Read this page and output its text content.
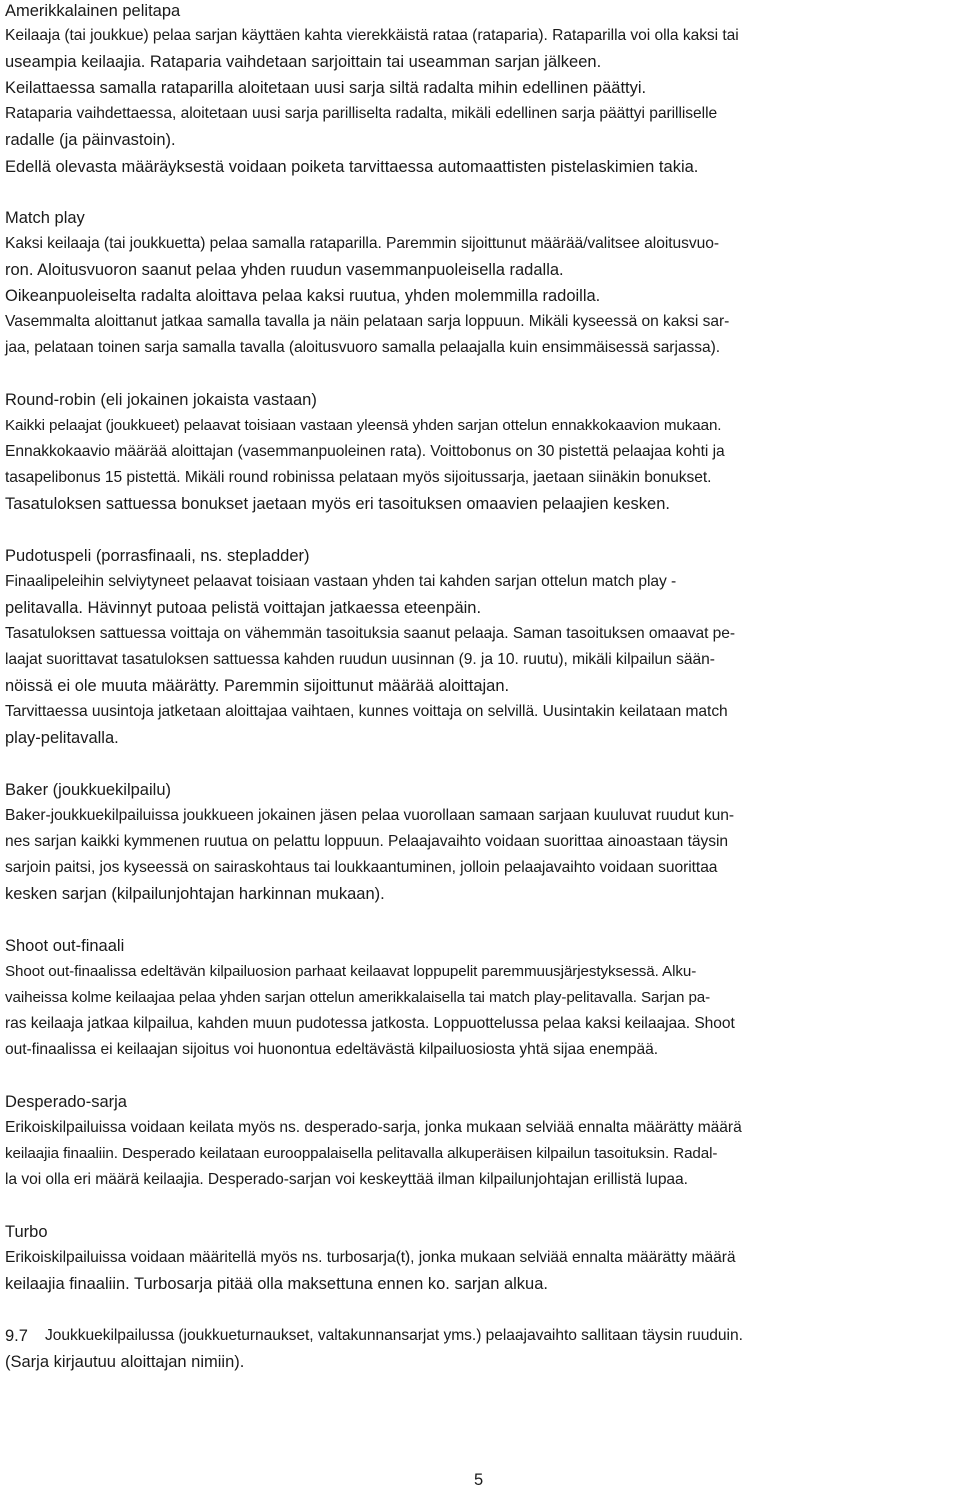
Amerikkalainen pelitapa

Keilaaja (tai joukkue) pelaa sarjan käyttäen kahta vierekkäistä rataa (rataparia). Rataparilla voi olla kaksi tai

useampia keilaajia. Rataparia vaihdetaan sarjoittain tai useamman sarjan jälkeen.

Keilattaessa samalla rataparilla aloitetaan uusi sarja siltä radalta mihin edellinen päättyi.

Rataparia vaihdettaessa, aloitetaan uusi sarja parilliselta radalta, mikäli edellinen sarja päättyi parilliselle

radalle (ja päinvastoin).

Edellä olevasta määräyksestä voidaan poiketa tarvittaessa automaattisten pistelaskimien takia.

Match play

Kaksi keilaaja (tai joukkuetta) pelaa samalla rataparilla. Paremmin sijoittunut määrää/valitsee aloitusvuo-

ron. Aloitusvuoron saanut pelaa yhden ruudun vasemmanpuoleisella radalla.

Oikeanpuoleiselta radalta aloittava pelaa kaksi ruutua, yhden molemmilla radoilla.

Vasemmalta aloittanut jatkaa samalla tavalla ja näin pelataan sarja loppuun. Mikäli kyseessä on kaksi sar-

jaa, pelataan toinen sarja samalla tavalla (aloitusvuoro samalla pelaajalla kuin ensimmäisessä sarjassa).

Round-robin (eli jokainen jokaista vastaan)

Kaikki pelaajat (joukkueet) pelaavat toisiaan vastaan yleensä yhden sarjan ottelun ennakkokaavion mukaan.

Ennakkokaavio määrää aloittajan (vasemmanpuoleinen rata). Voittobonus on 30 pistettä pelaajaa kohti ja

tasapelibonus 15 pistettä. Mikäli round robinissa pelataan myös sijoitussarja, jaetaan siinäkin bonukset.

Tasatuloksen sattuessa bonukset jaetaan myös eri tasoituksen omaavien pelaajien kesken.

Pudotuspeli (porrasfinaali, ns. stepladder)

Finaalipeleihin selviytyneet pelaavat toisiaan vastaan yhden tai kahden sarjan ottelun match play -

pelitavalla. Hävinnyt putoaa pelistä voittajan jatkaessa eteenpäin.

Tasatuloksen sattuessa voittaja on vähemmän tasoituksia saanut pelaaja. Saman tasoituksen omaavat pe-

laajat suorittavat tasatuloksen sattuessa kahden ruudun uusinnan (9. ja 10. ruutu), mikäli kilpailun sään-

nöissä ei ole muuta määrätty. Paremmin sijoittunut määrää aloittajan.

Tarvittaessa uusintoja jatketaan aloittajaa vaihtaen, kunnes voittaja on selvillä. Uusintakin keilataan match

play-pelitavalla.

Baker (joukkuekilpailu)

Baker-joukkuekilpailuissa joukkueen jokainen jäsen pelaa vuorollaan samaan sarjaan kuuluvat ruudut kun-

nes sarjan kaikki kymmenen ruutua on pelattu loppuun. Pelaajavaihto voidaan suorittaa ainoastaan täysin

sarjoin paitsi, jos kyseessä on sairaskohtaus tai loukkaantuminen, jolloin pelaajavaihto voidaan suorittaa

kesken sarjan (kilpailunjohtajan harkinnan mukaan).

Shoot out-finaali

Shoot out-finaalissa edeltävän kilpailuosion parhaat keilaavat loppupelit paremmuusjärjestyksessä. Alku-

vaiheissa kolme keilaajaa pelaa yhden sarjan ottelun amerikkalaisella tai match play-pelitavalla. Sarjan pa-

ras keilaaja jatkaa kilpailua, kahden muun pudotessa jatkosta. Loppuottelussa pelaa kaksi keilaajaa. Shoot

out-finaalissa ei keilaajan sijoitus voi huonontua edeltävästä kilpailuosiosta yhtä sijaa enempää.

Desperado-sarja

Erikoiskilpailuissa voidaan keilata myös ns. desperado-sarja, jonka mukaan selviää ennalta määrätty määrä

keilaajia finaaliin. Desperado keilataan eurooppalaisella pelitavalla alkuperäisen kilpailun tasoituksin. Radal-

la voi olla eri määrä keilaajia. Desperado-sarjan voi keskeyttää ilman kilpailunjohtajan erillistä lupaa.

Turbo

Erikoiskilpailuissa voidaan määritellä myös ns. turbosarja(t), jonka mukaan selviää ennalta määrätty määrä

keilaajia finaaliin. Turbosarja pitää olla maksettuna ennen ko. sarjan alkua.

9.7 Joukkuekilpailussa (joukkueturnaukset, valtakunnansarjat yms.) pelaajavaihto sallitaan täysin ruuduin.

(Sarja kirjautuu aloittajan nimiin).

5
